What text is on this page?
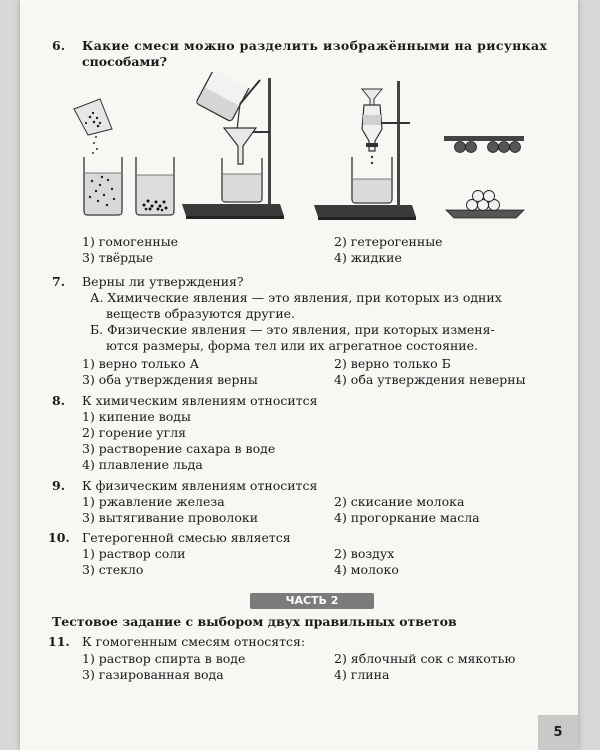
6. Какие смеси можно разделить изображёнными на рисунках
способами?
1) гомогенные	2) гетерогенные
3) твёрдые	4) жидкие
7. Верны ли утверждения?
А. Химические явления — это явления, при которых из одних
веществ образуются другие.
Б. Физические явления — это явления, при которых изменя-
ются размеры, форма тел или их агрегатное состояние.
1) верно только А	2) верно только Б
3) оба утверждения верны	4) оба утверждения неверны
8. К химическим явлениям относится
1) кипение воды
2) горение угля
3) растворение сахара в воде
4) плавление льда
9. К физическим явлениям относится
1) ржавление железа	2) скисание молока
3) вытягивание проволоки	4) прогоркание масла
10. Гетерогенной смесью является
1) раствор соли	2) воздух
3) стекло	4) молоко
ЧАСТЬ 2
Тестовое задание с выбором двух правильных ответов
11. К гомогенным смесям относятся:
1) раствор спирта в воде	2) яблочный сок с мякотью
3) газированная вода	4) глина
5
